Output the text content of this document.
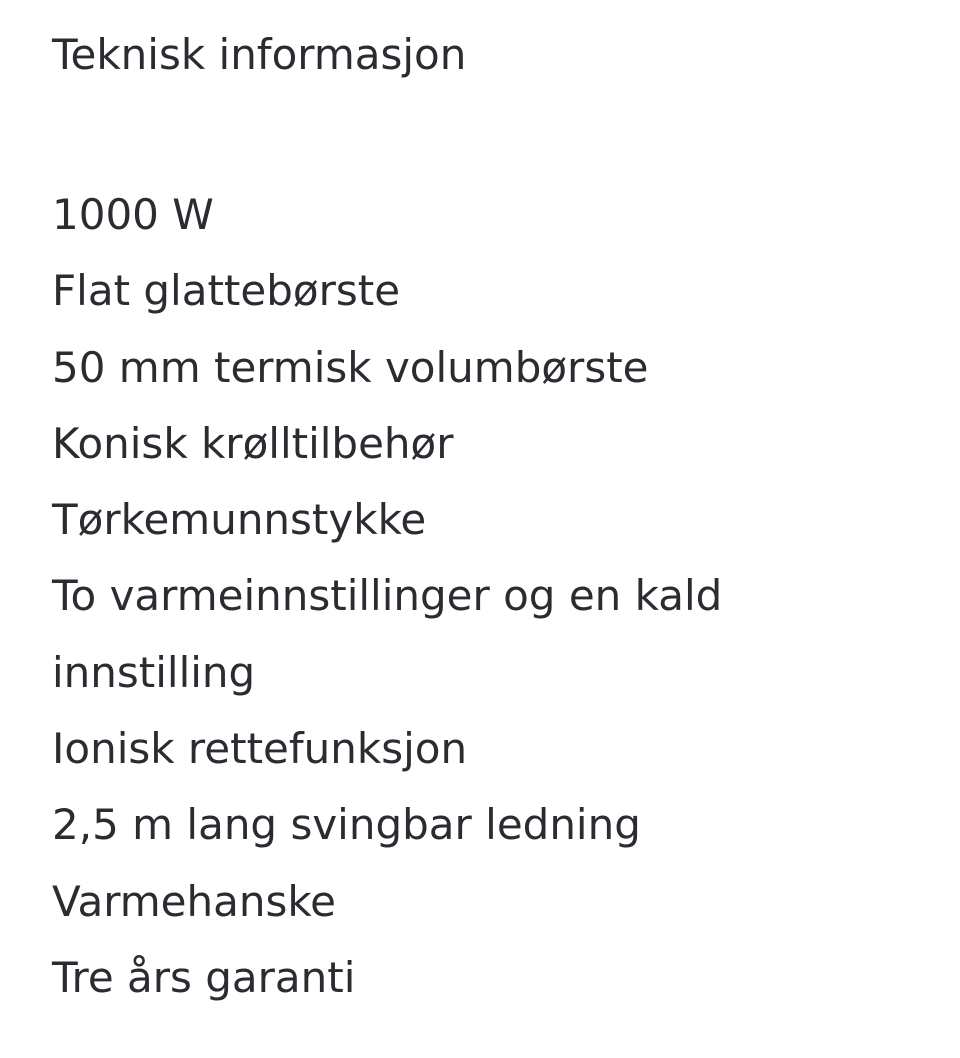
Teknisk informasjon
1000 W
Flat glattebørste
50 mm termisk volumbørste
Konisk krølltilbehør
Tørkemunnstykke
To varmeinnstillinger og en kald innstilling
Ionisk rettefunksjon
2,5 m lang svingbar ledning
Varmehanske
Tre års garanti
